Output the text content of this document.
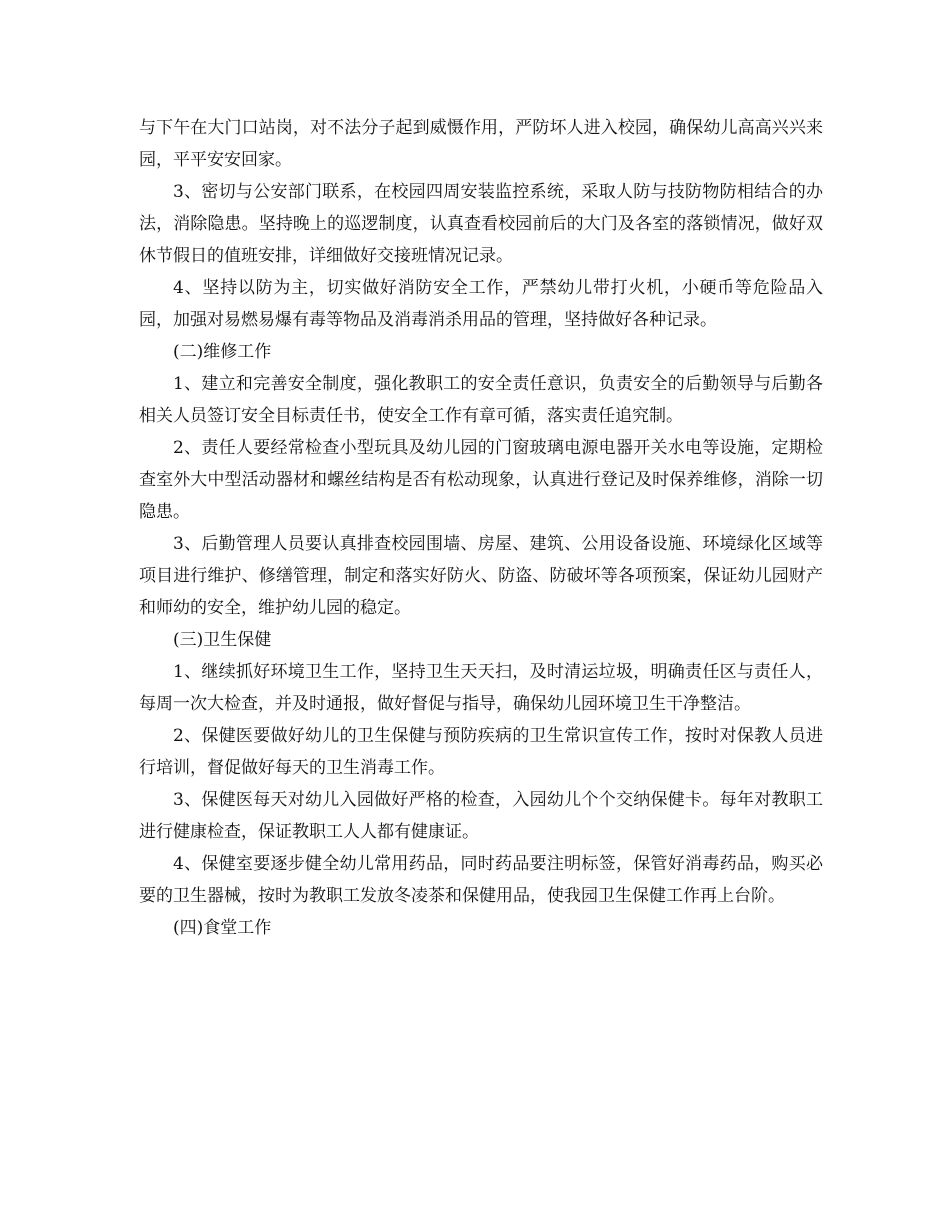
与下午在大门口站岗，对不法分子起到威慑作用，严防坏人进入校园，确保幼儿高高兴兴来园，平平安安回家。

3、密切与公安部门联系，在校园四周安装监控系统，采取人防与技防物防相结合的办法，消除隐患。坚持晚上的巡逻制度，认真查看校园前后的大门及各室的落锁情况，做好双休节假日的值班安排，详细做好交接班情况记录。

4、坚持以防为主，切实做好消防安全工作，严禁幼儿带打火机，小硬币等危险品入园，加强对易燃易爆有毒等物品及消毒消杀用品的管理，坚持做好各种记录。

(二)维修工作

1、建立和完善安全制度，强化教职工的安全责任意识，负责安全的后勤领导与后勤各相关人员签订安全目标责任书，使安全工作有章可循，落实责任追究制。

2、责任人要经常检查小型玩具及幼儿园的门窗玻璃电源电器开关水电等设施，定期检查室外大中型活动器材和螺丝结构是否有松动现象，认真进行登记及时保养维修，消除一切隐患。

3、后勤管理人员要认真排查校园围墙、房屋、建筑、公用设备设施、环境绿化区域等项目进行维护、修缮管理，制定和落实好防火、防盗、防破坏等各项预案，保证幼儿园财产和师幼的安全，维护幼儿园的稳定。

(三)卫生保健

1、继续抓好环境卫生工作，坚持卫生天天扫，及时清运垃圾，明确责任区与责任人，每周一次大检查，并及时通报，做好督促与指导，确保幼儿园环境卫生干净整洁。

2、保健医要做好幼儿的卫生保健与预防疾病的卫生常识宣传工作，按时对保教人员进行培训，督促做好每天的卫生消毒工作。

3、保健医每天对幼儿入园做好严格的检查，入园幼儿个个交纳保健卡。每年对教职工进行健康检查，保证教职工人人都有健康证。

4、保健室要逐步健全幼儿常用药品，同时药品要注明标签，保管好消毒药品，购买必要的卫生器械，按时为教职工发放冬凌茶和保健用品，使我园卫生保健工作再上台阶。

(四)食堂工作
